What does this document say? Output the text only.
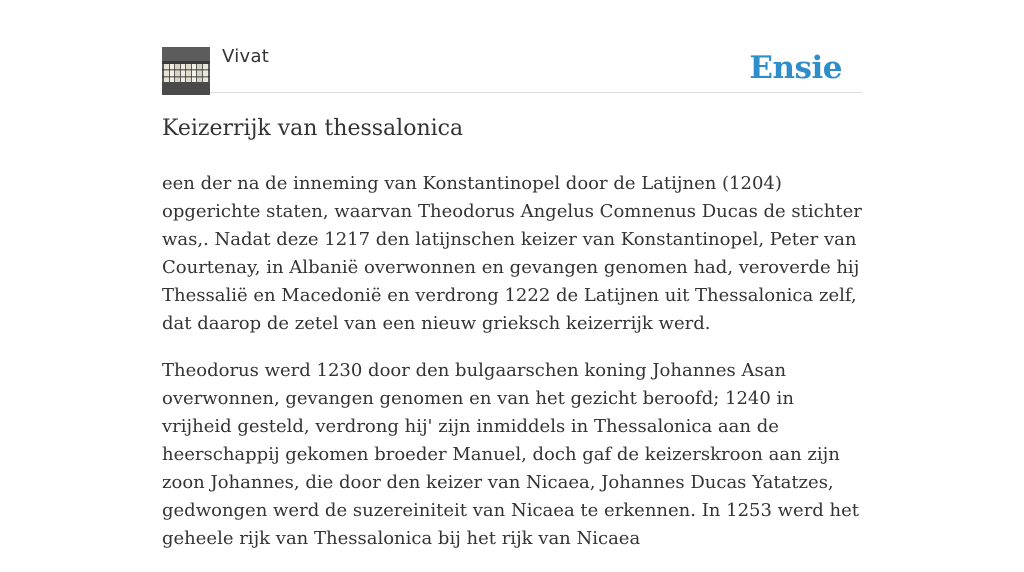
Vivat	Ensie
Keizerrijk van thessalonica

een der na de inneming van Konstantinopel door de Latijnen (1204) opgerichte staten, waarvan Theodorus Angelus Comnenus Ducas de stichter was,. Nadat deze 1217 den latijnschen keizer van Konstantinopel, Peter van Courtenay, in Albanië overwonnen en gevangen genomen had, veroverde hij Thessalië en Macedonië en verdrong 1222 de Latijnen uit Thessalonica zelf, dat daarop de zetel van een nieuw grieksch keizerrijk werd.

Theodorus werd 1230 door den bulgaarschen koning Johannes Asan overwonnen, gevangen genomen en van het gezicht beroofd; 1240 in vrijheid gesteld, verdrong hij' zijn inmiddels in Thessalonica aan de heerschappij gekomen broeder Manuel, doch gaf de keizerskroon aan zijn zoon Johannes, die door den keizer van Nicaea, Johannes Ducas Yatatzes, gedwongen werd de suzereiniteit van Nicaea te erkennen. In 1253 werd het geheele rijk van Thessalonica bij het rijk van Nicaea
